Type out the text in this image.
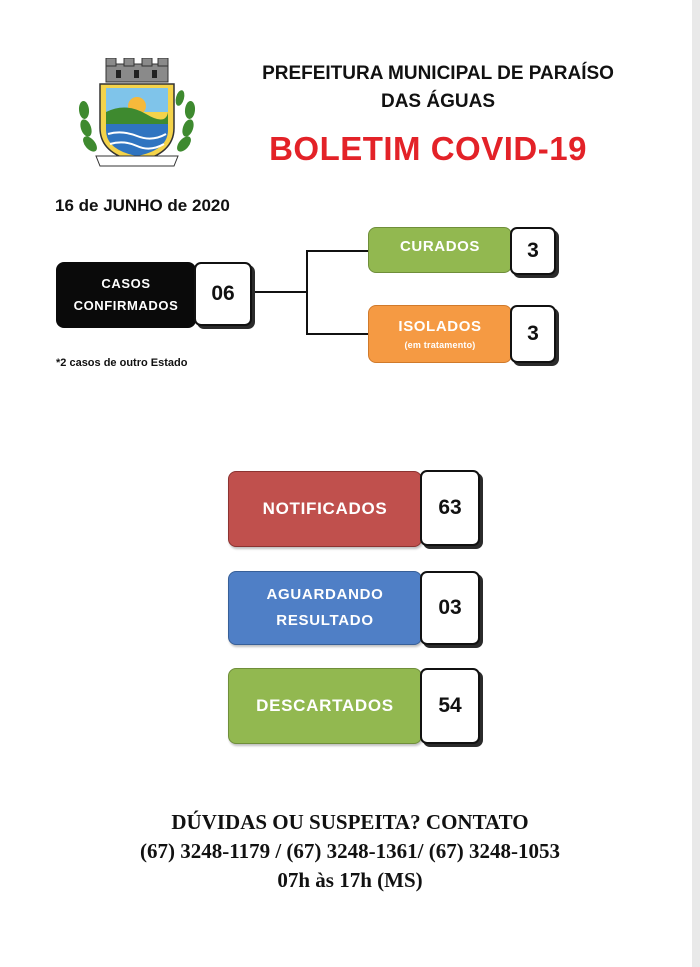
PREFEITURA MUNICIPAL DE PARAÍSO
DAS ÁGUAS
BOLETIM COVID-19
16 de JUNHO de 2020
CASOS
CONFIRMADOS
06
*2 casos de outro Estado
CURADOS	3
ISOLADOS
(em tratamento)	3
NOTIFICADOS	63
AGUARDANDO
RESULTADO
03
DESCARTADOS	54
DÚVIDAS OU SUSPEITA? CONTATO
(67) 3248-1179 / (67) 3248-1361/ (67) 3248-1053
07h às 17h (MS)
